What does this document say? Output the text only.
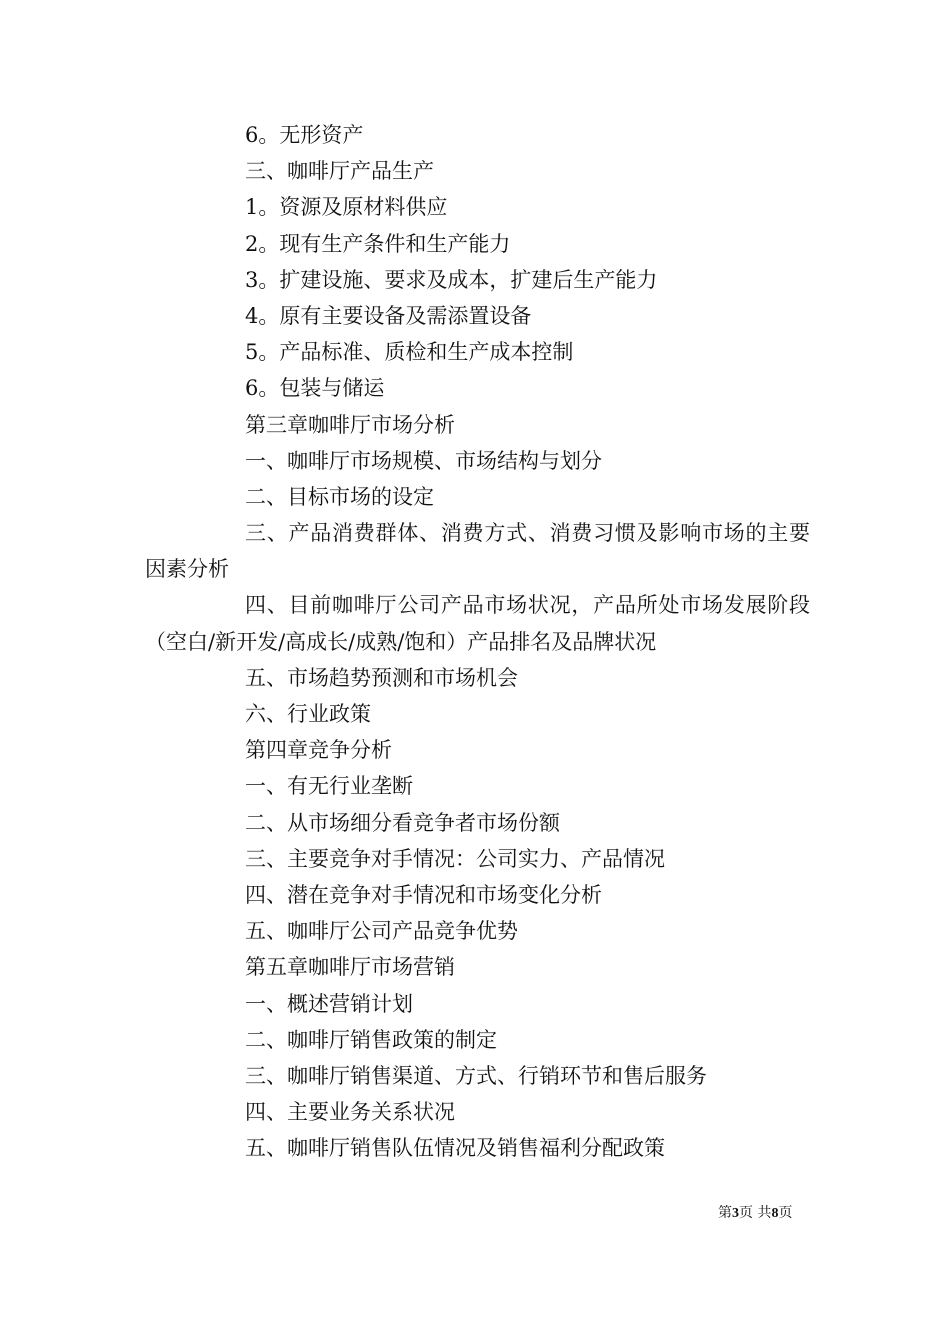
6。无形资产
三、咖啡厅产品生产
1。资源及原材料供应
2。现有生产条件和生产能力
3。扩建设施、要求及成本，扩建后生产能力
4。原有主要设备及需添置设备
5。产品标准、质检和生产成本控制
6。包装与储运
第三章咖啡厅市场分析
一、咖啡厅市场规模、市场结构与划分
二、目标市场的设定
三、产品消费群体、消费方式、消费习惯及影响市场的主要因素分析
四、目前咖啡厅公司产品市场状况，产品所处市场发展阶段（空白/新开发/高成长/成熟/饱和）产品排名及品牌状况
五、市场趋势预测和市场机会
六、行业政策
第四章竞争分析
一、有无行业垄断
二、从市场细分看竞争者市场份额
三、主要竞争对手情况：公司实力、产品情况
四、潜在竞争对手情况和市场变化分析
五、咖啡厅公司产品竞争优势
第五章咖啡厅市场营销
一、概述营销计划
二、咖啡厅销售政策的制定
三、咖啡厅销售渠道、方式、行销环节和售后服务
四、主要业务关系状况
五、咖啡厅销售队伍情况及销售福利分配政策
第3页 共8页
